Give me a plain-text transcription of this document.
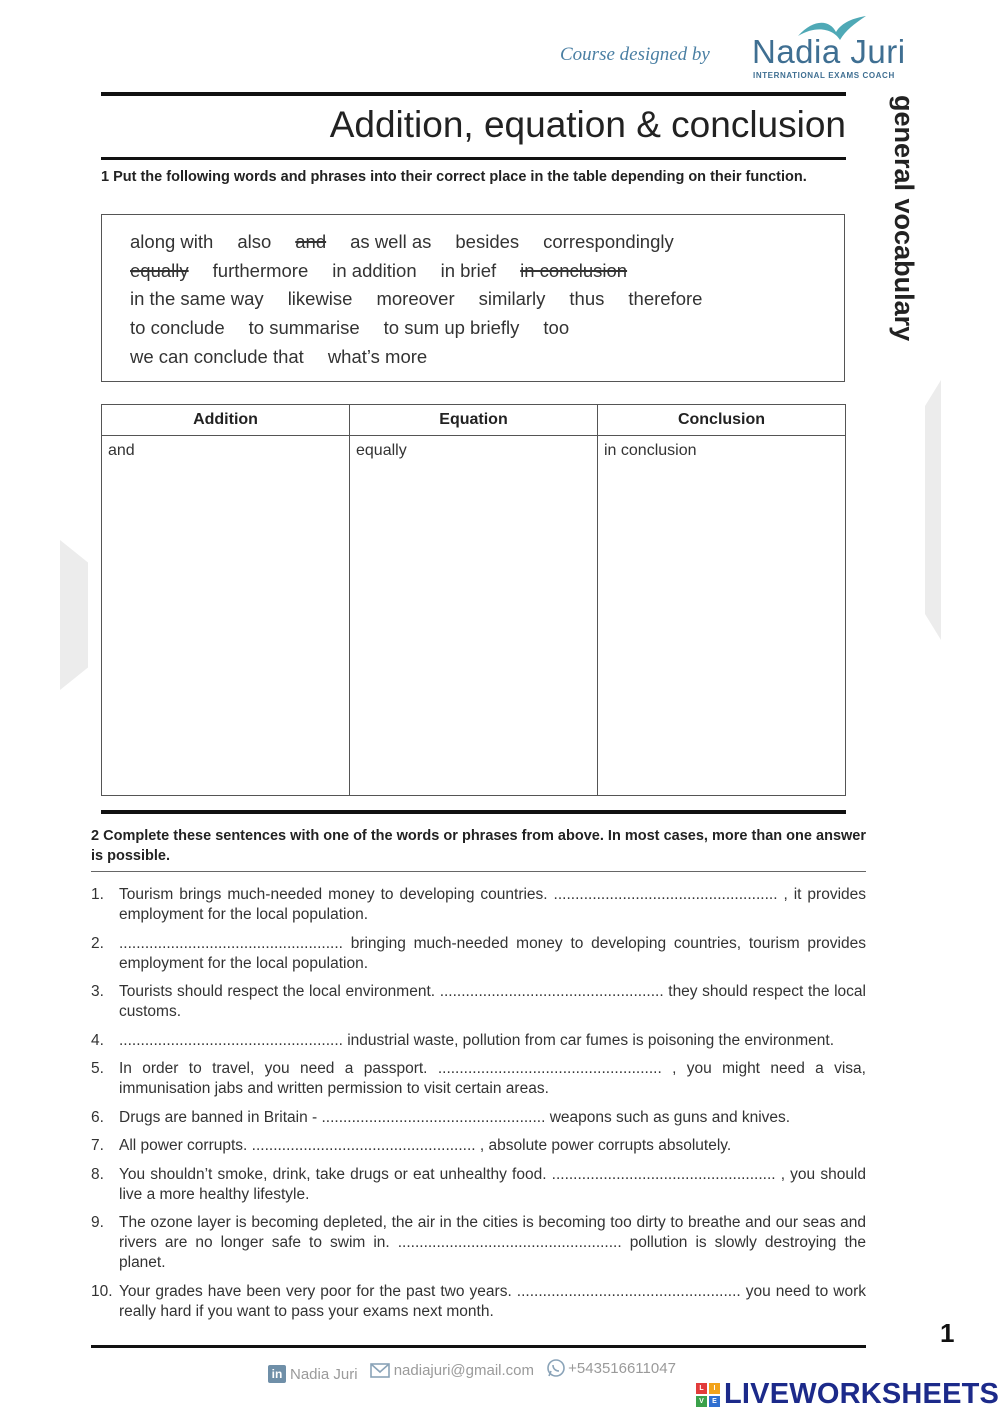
Course designed by Nadia Juri
INTERNATIONAL EXAMS COACH
Addition, equation & conclusion general vocabulary
1 Put the following words and phrases into their correct place in the table depending on their function.
along with also and as well as besides correspondingly
equally furthermore in addition in brief in conclusion
in the same way likewise moreover similarly thus therefore
to conclude to summarise to sum up briefly too
we can conclude that what’s more
Addition	Equation	Conclusion
and	equally	in conclusion
2 Complete these sentences with one of the words or phrases from above. In most cases, more than one answer is possible.
1. Tourism brings much-needed money to developing countries. .................................................... , it provides employment for the local population.
2. .................................................... bringing much-needed money to developing countries, tourism provides employment for the local population.
3. Tourists should respect the local environment. .................................................... they should respect the local customs.
4. .................................................... industrial waste, pollution from car fumes is poisoning the environment.
5. In order to travel, you need a passport. .................................................... , you might need a visa, immunisation jabs and written permission to visit certain areas.
6. Drugs are banned in Britain - .................................................... weapons such as guns and knives.
7. All power corrupts. .................................................... , absolute power corrupts absolutely.
8. You shouldn’t smoke, drink, take drugs or eat unhealthy food. .................................................... , you should live a more healthy lifestyle.
9. The ozone layer is becoming depleted, the air in the cities is becoming too dirty to breathe and our seas and rivers are no longer safe to swim in. .................................................... pollution is slowly destroying the planet.
10. Your grades have been very poor for the past two years. .................................................... you need to work really hard if you want to pass your exams next month.
1
in Nadia Juri
nadiajuri@gmail.com
+543516611047
L	I
V	E LIVEWORKSHEETS
